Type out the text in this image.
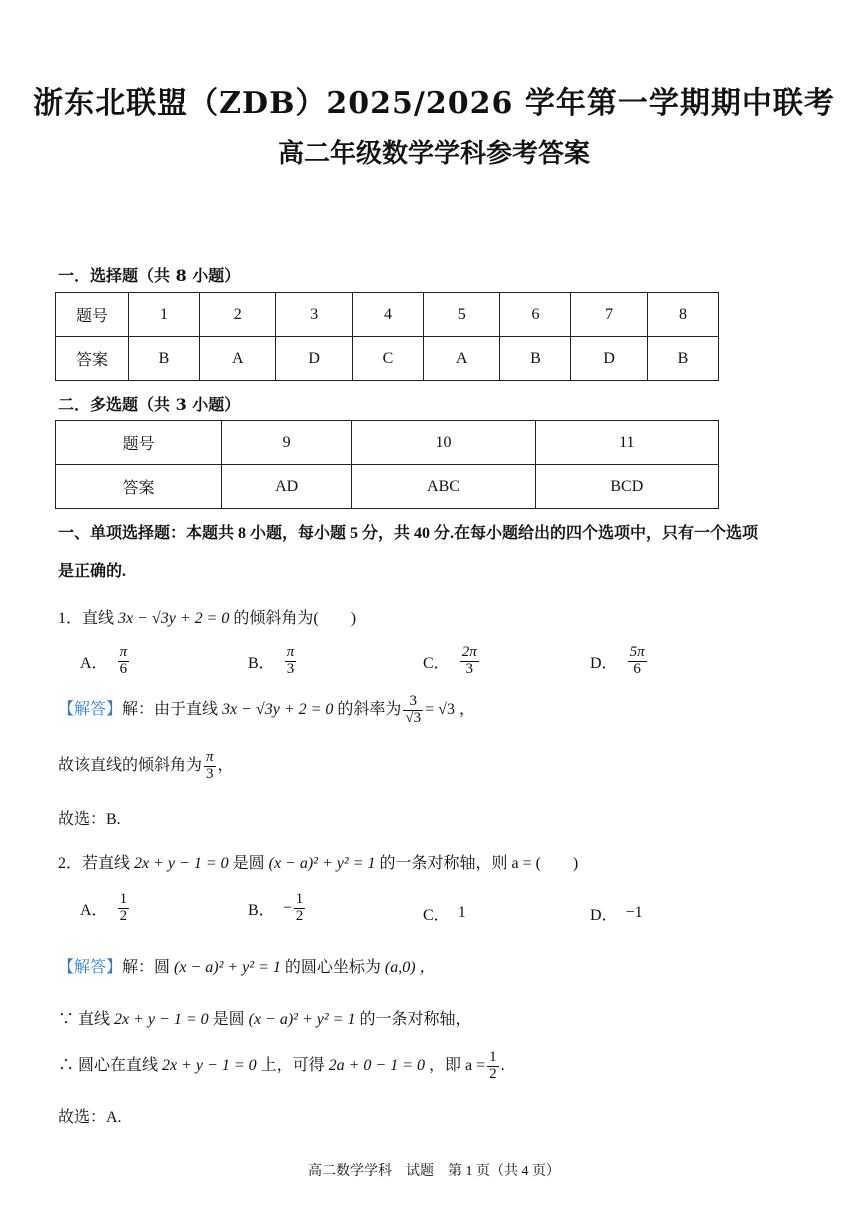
浙东北联盟（ZDB）2025/2026 学年第一学期期中联考
高二年级数学学科参考答案
一．选择题（共 8 小题）
题号	1	2	3	4	5	6	7	8
答案	B	A	D	C	A	B	D	B
二．多选题（共 3 小题）
题号	9	10	11
答案	AD	ABC	BCD
一、单项选择题：本题共 8 小题，每小题 5 分，共 40 分.在每小题给出的四个选项中，只有一个选项
是正确的.
1．直线 3x − √3y + 2 = 0 的倾斜角为(　　)
A． $\frac{\pi}{6}$	B． $\frac{\pi}{3}$	C． $\frac{2\pi}{3}$	D． $\frac{5\pi}{6}$
【解答】解：由于直线 3x − √3y + 2 = 0 的斜率为 $\frac{3}{√3} = √3$ ，
故该直线的倾斜角为 $\frac{\pi}{3}$ ，
故选：B.
2．若直线 2x + y − 1 = 0 是圆 (x − a)² + y² = 1 的一条对称轴，则 a = (　　)
A． $\frac{1}{2}$	B． − $\frac{1}{2}$	C． 1	D． −1
【解答】解：圆 (x − a)² + y² = 1 的圆心坐标为 (a,0) ，
∵ 直线 2x + y − 1 = 0 是圆 (x − a)² + y² = 1 的一条对称轴，
∴ 圆心在直线 2x + y − 1 = 0 上，可得 2a + 0 − 1 = 0 ，即 $a = \frac{1}{2}$ .
故选：A.
高二数学学科　试题　第 1 页（共 4 页）
